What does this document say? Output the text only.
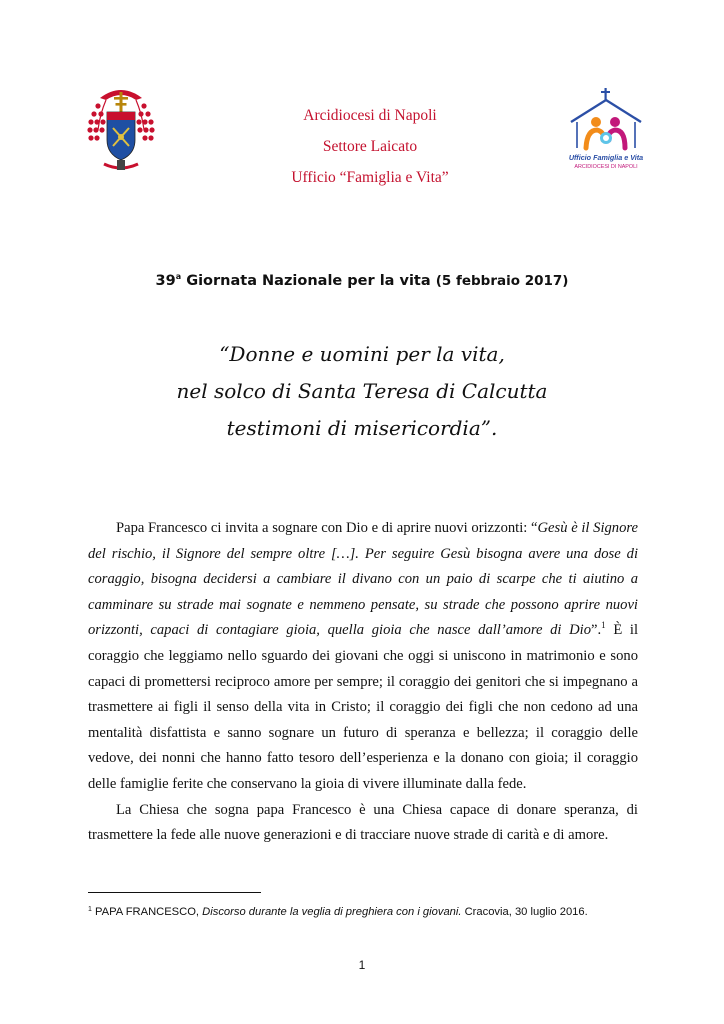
Arcidiocesi di Napoli
Settore Laicato
Ufficio “Famiglia e Vita”
Ufficio Famiglia e Vita
ARCIDIOCESI DI NAPOLI
39$^a$ Giornata Nazionale per la vita (5 febbraio 2017)
“Donne e uomini per la vita,
nel solco di Santa Teresa di Calcutta
testimoni di misericordia”.

Papa Francesco ci invita a sognare con Dio e di aprire nuovi orizzonti: “Gesù è il Signore del rischio, il Signore del sempre oltre […]. Per seguire Gesù bisogna avere una dose di coraggio, bisogna decidersi a cambiare il divano con un paio di scarpe che ti aiutino a camminare su strade mai sognate e nemmeno pensate, su strade che possono aprire nuovi orizzonti, capaci di contagiare gioia, quella gioia che nasce dall’amore di Dio”.$^1$ È il coraggio che leggiamo nello sguardo dei giovani che oggi si uniscono in matrimonio e sono capaci di promettersi reciproco amore per sempre; il coraggio dei genitori che si impegnano a trasmettere ai figli il senso della vita in Cristo; il coraggio dei figli che non cedono ad una mentalità disfattista e sanno sognare un futuro di speranza e bellezza; il coraggio delle vedove, dei nonni che hanno fatto tesoro dell’esperienza e la donano con gioia; il coraggio delle famiglie ferite che conservano la gioia di vivere illuminate dalla fede.

La Chiesa che sogna papa Francesco è una Chiesa capace di donare speranza, di trasmettere la fede alle nuove generazioni e di tracciare nuove strade di carità e di amore.

$^1$ PAPA FRANCESCO, Discorso durante la veglia di preghiera con i giovani. Cracovia, 30 luglio 2016.
1
